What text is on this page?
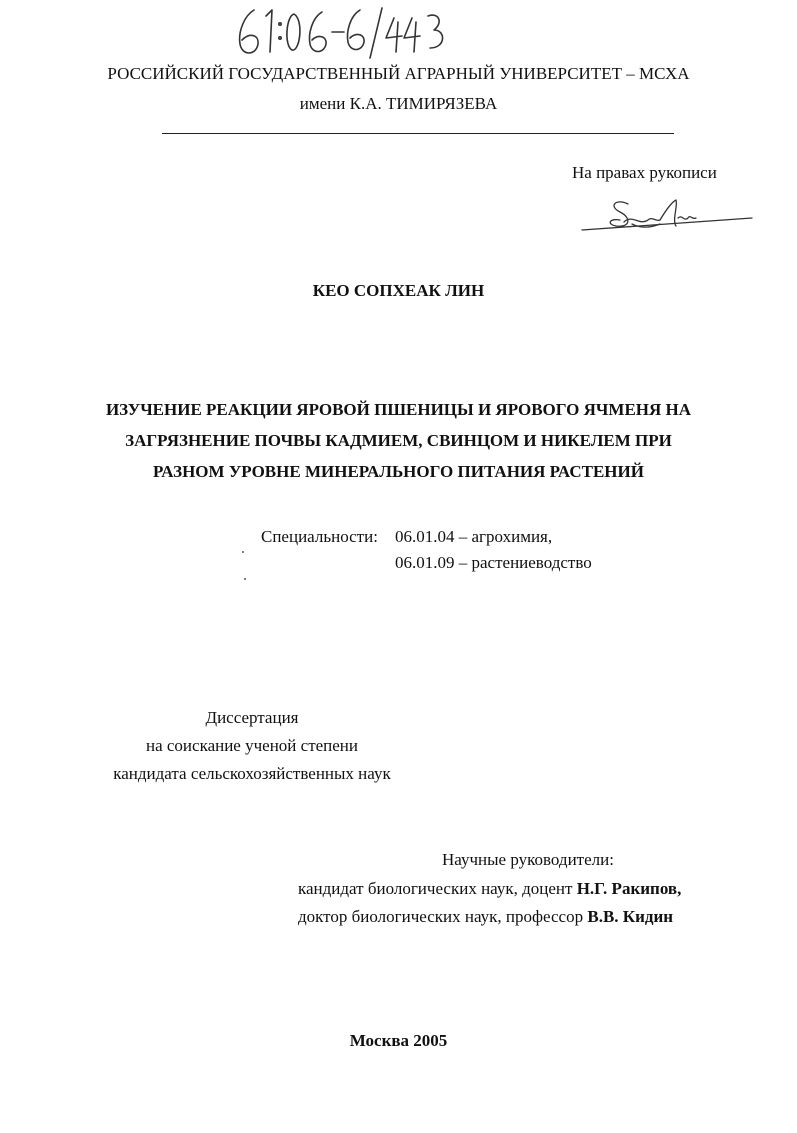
РОССИЙСКИЙ ГОСУДАРСТВЕННЫЙ АГРАРНЫЙ УНИВЕРСИТЕТ – МСХА
имени К.А. ТИМИРЯЗЕВА
На правах рукописи
КЕО СОПХЕАК ЛИН
ИЗУЧЕНИЕ РЕАКЦИИ ЯРОВОЙ ПШЕНИЦЫ И ЯРОВОГО ЯЧМЕНЯ НА
ЗАГРЯЗНЕНИЕ ПОЧВЫ КАДМИЕМ, СВИНЦОМ И НИКЕЛЕМ ПРИ
РАЗНОМ УРОВНЕ МИНЕРАЛЬНОГО ПИТАНИЯ РАСТЕНИЙ
Специальности: 06.01.04 – агрохимия,
06.01.09 – растениеводство
Диссертация
на соискание ученой степени
кандидата сельскохозяйственных наук
Научные руководители:
кандидат биологических наук, доцент Н.Г. Ракипов,
доктор биологических наук, профессор В.В. Кидин
Москва 2005
